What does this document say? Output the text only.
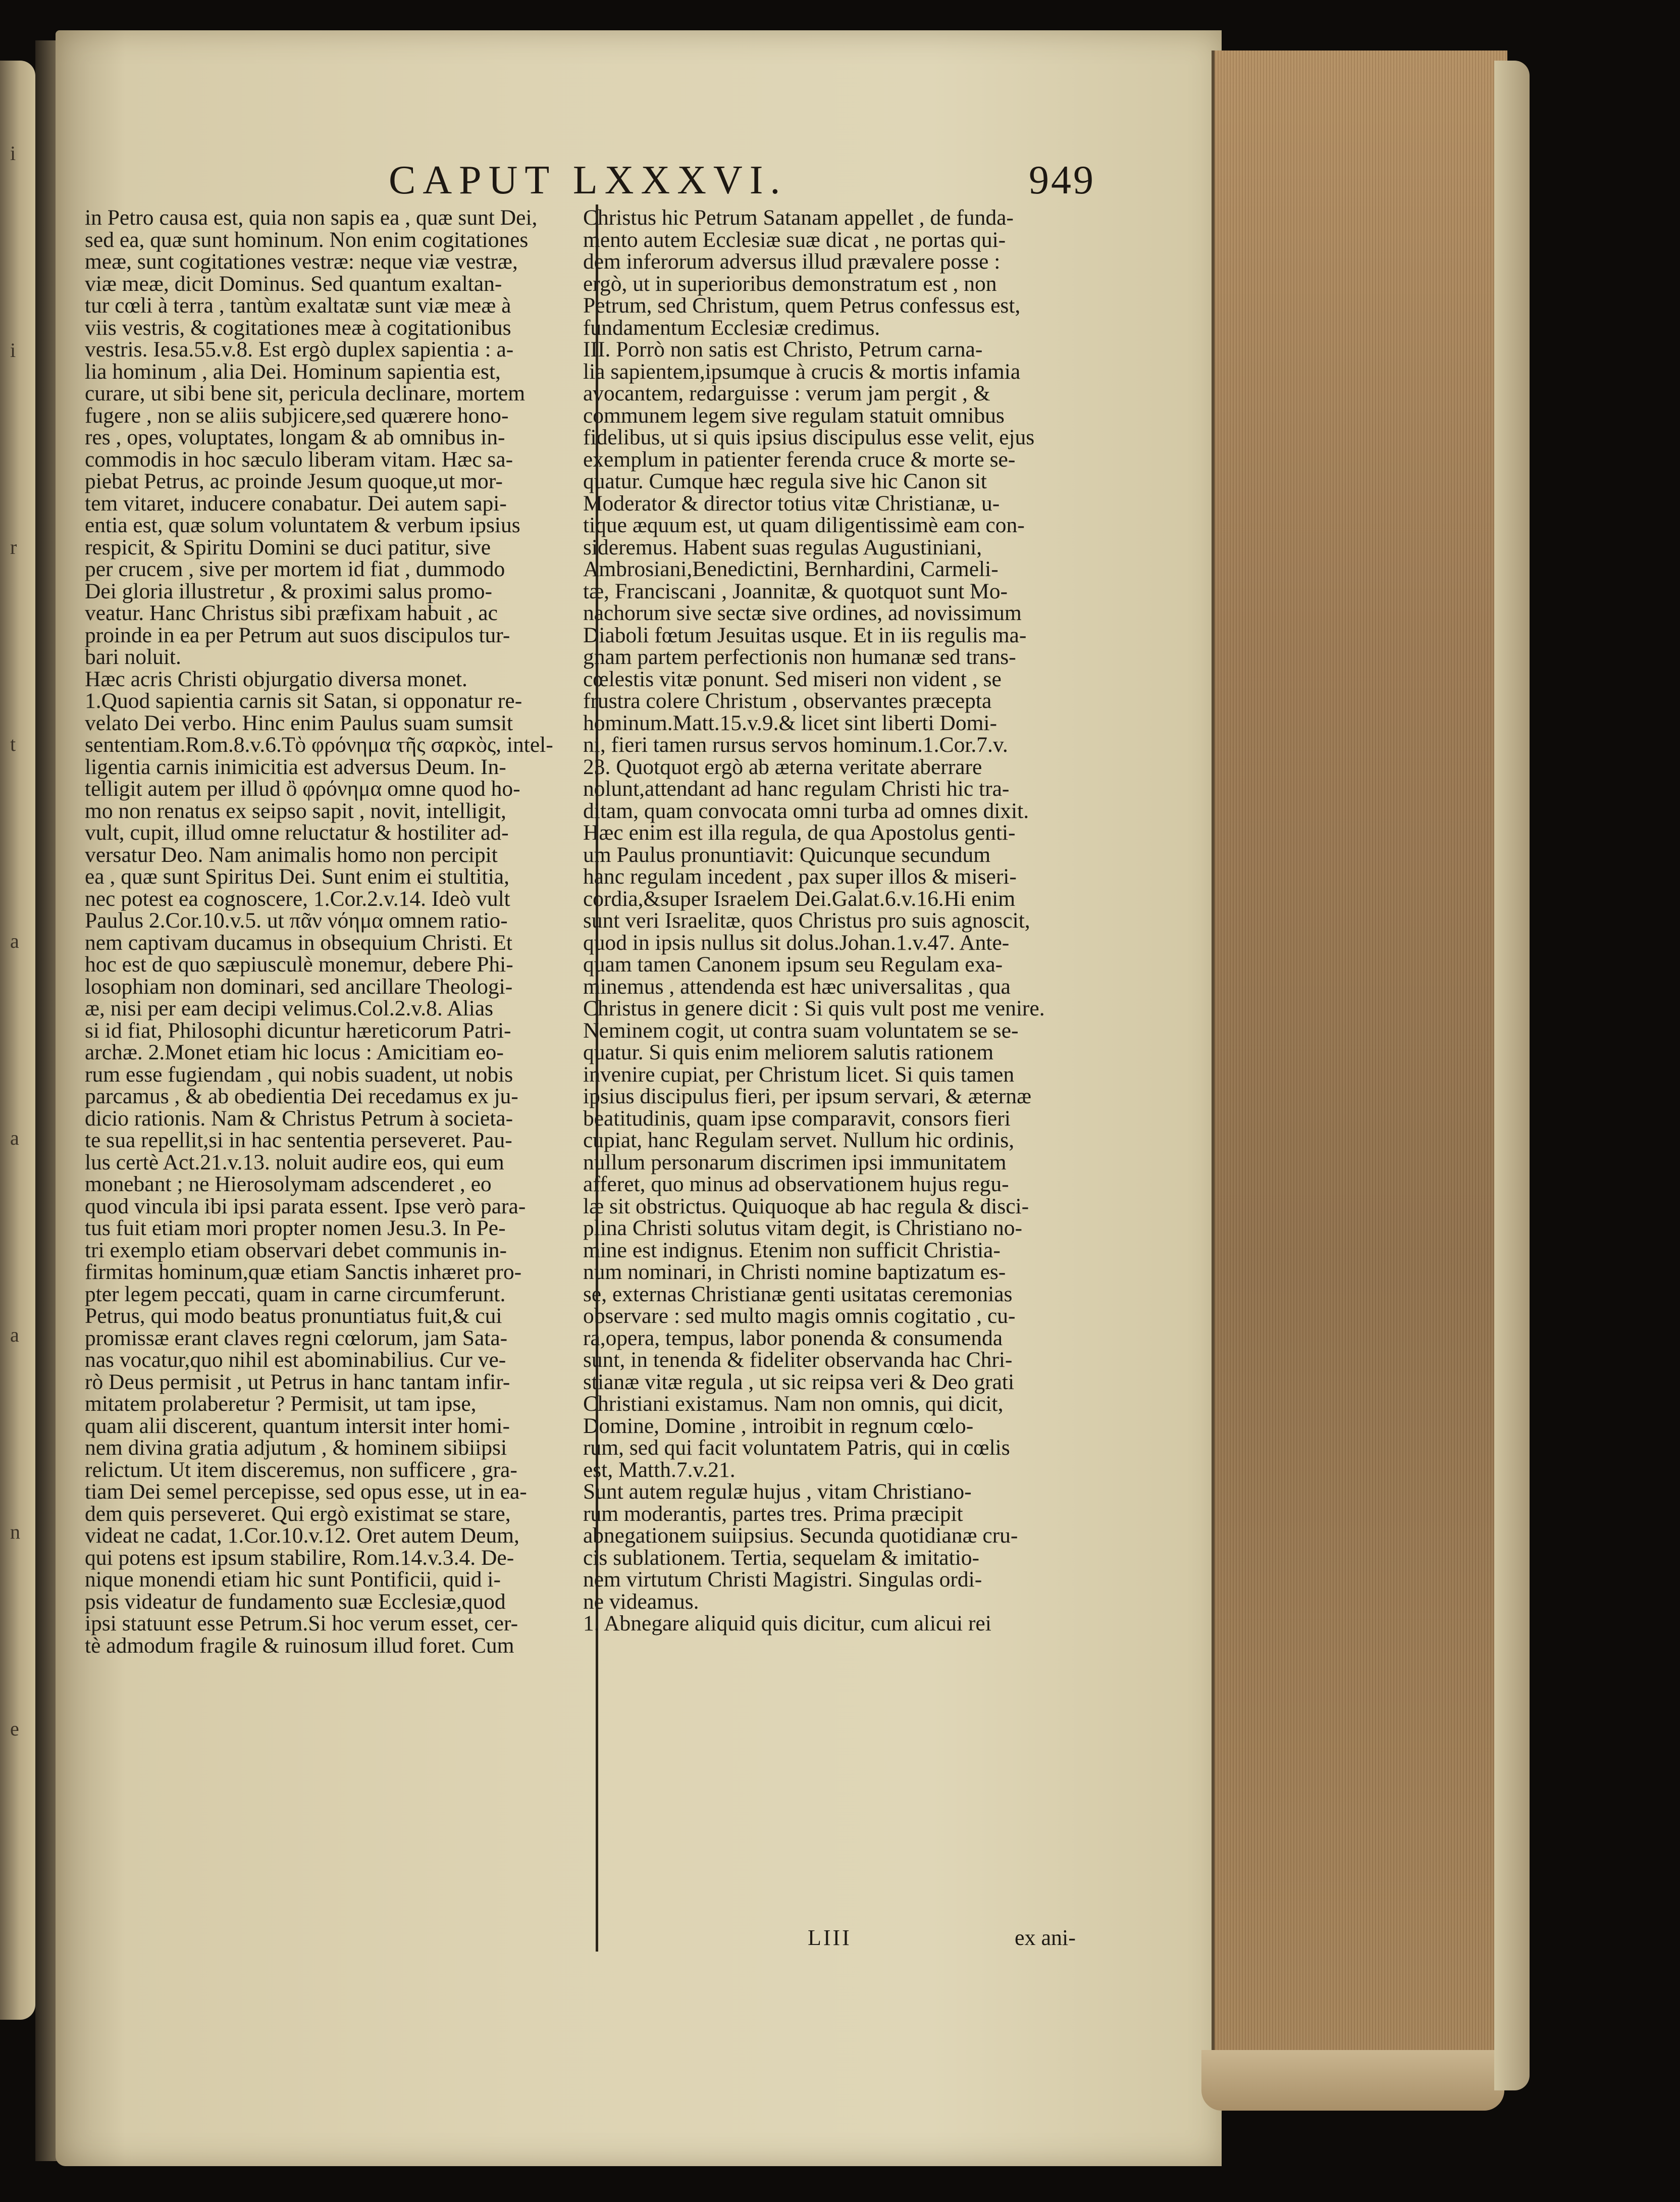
i
i
r
t
a
a
a
n
e
CAPUT LXXXVI.	949
in Petro causa est, quia non sapis ea , quæ sunt Dei,
sed ea, quæ sunt hominum. Non enim cogitationes
meæ, sunt cogitationes vestræ: neque viæ vestræ,
viæ meæ, dicit Dominus. Sed quantum exaltan-
tur cœli à terra , tantùm exaltatæ sunt viæ meæ à
viis vestris, & cogitationes meæ à cogitationibus
vestris. Iesa.55.v.8. Est ergò duplex sapientia : a-
lia hominum , alia Dei. Hominum sapientia est,
curare, ut sibi bene sit, pericula declinare, mortem
fugere , non se aliis subjicere,sed quærere hono-
res , opes, voluptates, longam & ab omnibus in-
commodis in hoc sæculo liberam vitam. Hæc sa-
piebat Petrus, ac proinde Jesum quoque,ut mor-
tem vitaret, inducere conabatur. Dei autem sapi-
entia est, quæ solum voluntatem & verbum ipsius
respicit, & Spiritu Domini se duci patitur, sive
per crucem , sive per mortem id fiat , dummodo
Dei gloria illustretur , & proximi salus promo-
veatur. Hanc Christus sibi præfixam habuit , ac
proinde in ea per Petrum aut suos discipulos tur-
bari noluit.
Hæc acris Christi objurgatio diversa monet.
1.Quod sapientia carnis sit Satan, si opponatur re-
velato Dei verbo. Hinc enim Paulus suam sumsit
sententiam.Rom.8.v.6.Τὸ φρόνημα τῆς σαρκὸς, intel-
ligentia carnis inimicitia est adversus Deum. In-
telligit autem per illud ὂ φρόνημα omne quod ho-
mo non renatus ex seipso sapit , novit, intelligit,
vult, cupit, illud omne reluctatur & hostiliter ad-
versatur Deo. Nam animalis homo non percipit
ea , quæ sunt Spiritus Dei. Sunt enim ei stultitia,
nec potest ea cognoscere, 1.Cor.2.v.14. Ideò vult
Paulus 2.Cor.10.v.5. ut πᾶν νόημα omnem ratio-
nem captivam ducamus in obsequium Christi. Et
hoc est de quo sæpiusculè monemur, debere Phi-
losophiam non dominari, sed ancillare Theologi-
æ, nisi per eam decipi velimus.Col.2.v.8. Alias
si id fiat, Philosophi dicuntur hæreticorum Patri-
archæ. 2.Monet etiam hic locus : Amicitiam eo-
rum esse fugiendam , qui nobis suadent, ut nobis
parcamus , & ab obedientia Dei recedamus ex ju-
dicio rationis. Nam & Christus Petrum à societa-
te sua repellit,si in hac sententia perseveret. Pau-
lus certè Act.21.v.13. noluit audire eos, qui eum
monebant ; ne Hierosolymam adscenderet , eo
quod vincula ibi ipsi parata essent. Ipse verò para-
tus fuit etiam mori propter nomen Jesu.3. In Pe-
tri exemplo etiam observari debet communis in-
firmitas hominum,quæ etiam Sanctis inhæret pro-
pter legem peccati, quam in carne circumferunt.
Petrus, qui modo beatus pronuntiatus fuit,& cui
promissæ erant claves regni cœlorum, jam Sata-
nas vocatur,quo nihil est abominabilius. Cur ve-
rò Deus permisit , ut Petrus in hanc tantam infir-
mitatem prolaberetur ? Permisit, ut tam ipse,
quam alii discerent, quantum intersit inter homi-
nem divina gratia adjutum , & hominem sibiipsi
relictum. Ut item disceremus, non sufficere , gra-
tiam Dei semel percepisse, sed opus esse, ut in ea-
dem quis perseveret. Qui ergò existimat se stare,
videat ne cadat, 1.Cor.10.v.12. Oret autem Deum,
qui potens est ipsum stabilire, Rom.14.v.3.4. De-
nique monendi etiam hic sunt Pontificii, quid i-
psis videatur de fundamento suæ Ecclesiæ,quod
ipsi statuunt esse Petrum.Si hoc verum esset, cer-
tè admodum fragile & ruinosum illud foret. Cum
Christus hic Petrum Satanam appellet , de funda-
mento autem Ecclesiæ suæ dicat , ne portas qui-
dem inferorum adversus illud prævalere posse :
ergò, ut in superioribus demonstratum est , non
Petrum, sed Christum, quem Petrus confessus est,
fundamentum Ecclesiæ credimus.
III. Porrò non satis est Christo, Petrum carna-
lia sapientem,ipsumque à crucis & mortis infamia
avocantem, redarguisse : verum jam pergit , &
communem legem sive regulam statuit omnibus
fidelibus, ut si quis ipsius discipulus esse velit, ejus
exemplum in patienter ferenda cruce & morte se-
quatur. Cumque hæc regula sive hic Canon sit
Moderator & director totius vitæ Christianæ, u-
tique æquum est, ut quam diligentissimè eam con-
sideremus. Habent suas regulas Augustiniani,
Ambrosiani,Benedictini, Bernhardini, Carmeli-
tæ, Franciscani , Joannitæ, & quotquot sunt Mo-
nachorum sive sectæ sive ordines, ad novissimum
Diaboli fœtum Jesuitas usque. Et in iis regulis ma-
gnam partem perfectionis non humanæ sed trans-
cœlestis vitæ ponunt. Sed miseri non vident , se
frustra colere Christum , observantes præcepta
hominum.Matt.15.v.9.& licet sint liberti Domi-
ni, fieri tamen rursus servos hominum.1.Cor.7.v.
23. Quotquot ergò ab æterna veritate aberrare
nolunt,attendant ad hanc regulam Christi hic tra-
ditam, quam convocata omni turba ad omnes dixit.
Hæc enim est illa regula, de qua Apostolus genti-
um Paulus pronuntiavit: Quicunque secundum
hanc regulam incedent , pax super illos & miseri-
cordia,&super Israelem Dei.Galat.6.v.16.Hi enim
sunt veri Israelitæ, quos Christus pro suis agnoscit,
quod in ipsis nullus sit dolus.Johan.1.v.47. Ante-
quam tamen Canonem ipsum seu Regulam exa-
minemus , attendenda est hæc universalitas , qua
Christus in genere dicit : Si quis vult post me venire.
Neminem cogit, ut contra suam voluntatem se se-
quatur. Si quis enim meliorem salutis rationem
invenire cupiat, per Christum licet. Si quis tamen
ipsius discipulus fieri, per ipsum servari, & æternæ
beatitudinis, quam ipse comparavit, consors fieri
cupiat, hanc Regulam servet. Nullum hic ordinis,
nullum personarum discrimen ipsi immunitatem
afferet, quo minus ad observationem hujus regu-
læ sit obstrictus. Quiquoque ab hac regula & disci-
plina Christi solutus vitam degit, is Christiano no-
mine est indignus. Etenim non sufficit Christia-
num nominari, in Christi nomine baptizatum es-
se, externas Christianæ genti usitatas ceremonias
observare : sed multo magis omnis cogitatio , cu-
ra,opera, tempus, labor ponenda & consumenda
sunt, in tenenda & fideliter observanda hac Chri-
stianæ vitæ regula , ut sic reipsa veri & Deo grati
Christiani existamus. Nam non omnis, qui dicit,
Domine, Domine , introibit in regnum cœlo-
rum, sed qui facit voluntatem Patris, qui in cœlis
est, Matth.7.v.21.
Sunt autem regulæ hujus , vitam Christiano-
rum moderantis, partes tres. Prima præcipit
abnegationem suiipsius. Secunda quotidianæ cru-
cis sublationem. Tertia, sequelam & imitatio-
nem virtutum Christi Magistri. Singulas ordi-
ne videamus.
1. Abnegare aliquid quis dicitur, cum alicui rei
LIII	ex ani-
